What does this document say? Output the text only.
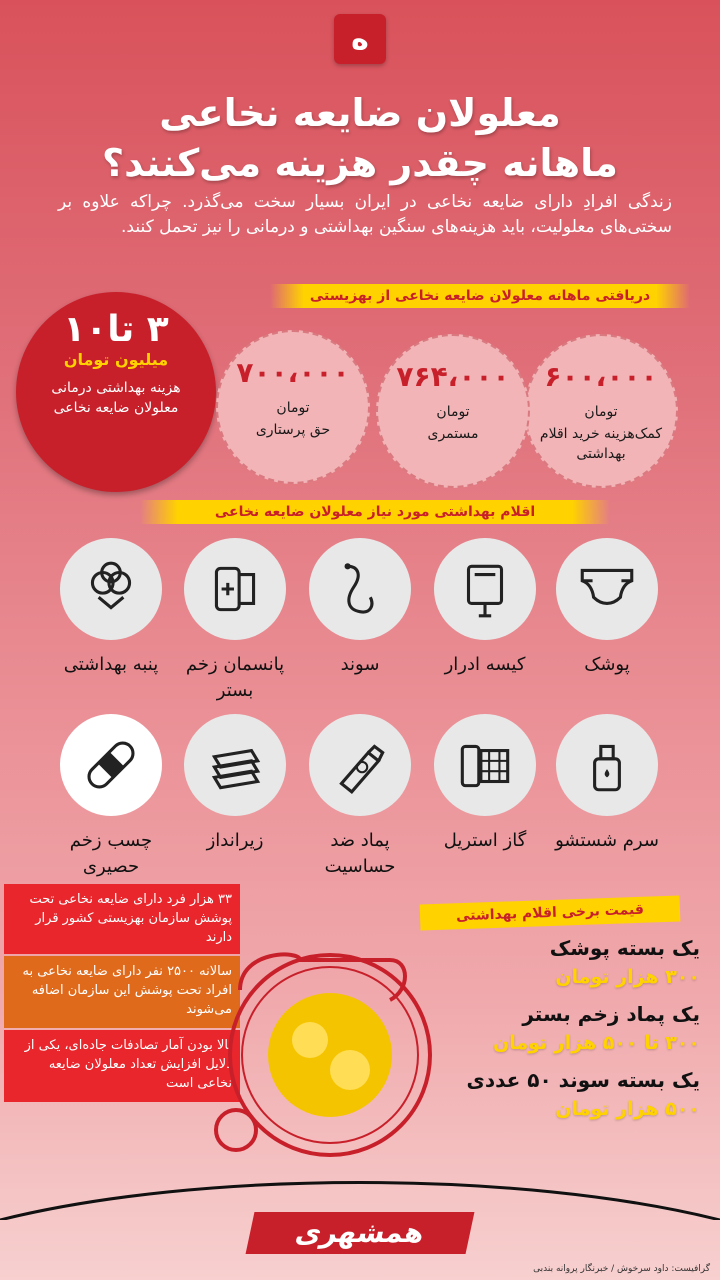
ه
معلولان ضایعه نخاعی
ماهانه چقدر هزینه می‌کنند؟
زندگی افرادِ دارای ضایعه نخاعی در ایران بسیار سخت می‌گذرد. چراکه علاوه بر سختی‌های معلولیت، باید هزینه‌های سنگین بهداشتی و درمانی را نیز تحمل کنند.
دریافتی ماهانه معلولان ضایعه نخاعی از بهزیستی
۳ تا۱۰
میلیون تومان
هزینه بهداشتی درمانی معلولان ضایعه نخاعی
۶۰۰،۰۰۰
تومان
کمک‌هزینه خرید اقلام بهداشتی
۷۶۴،۰۰۰
تومان
مستمری
۷۰۰،۰۰۰
تومان
حق پرستاری
اقلام بهداشتی مورد نیاز معلولان ضایعه نخاعی
پوشک
کیسه ادرار
سوند
پانسمان زخم بستر
پنبه بهداشتی
سرم شستشو
گاز استریل
پماد ضد حساسیت
زیرانداز
چسب زخم حصیری
۳۳ هزار فرد دارای ضایعه نخاعی تحت پوشش سازمان بهزیستی کشور قرار دارند
سالانه ۲۵۰۰ نفر دارای ضایعه نخاعی به افراد تحت پوشش این سازمان اضافه می‌شوند
بالا بودن آمار تصادفات جاده‌ای، یکی از دلایل افزایش تعداد معلولان ضایعه نخاعی است
قیمت برخی اقلام بهداشتی
یک بسته پوشک
۳۰۰ هزار تومان
یک پماد زخم بستر
۳۰۰ تا ۵۰۰ هزار تومان
یک بسته سوند ۵۰ عددی
۵۰۰ هزار تومان
همشهری
گرافیست: داود سرخوش / خبرنگار پروانه بندبی
